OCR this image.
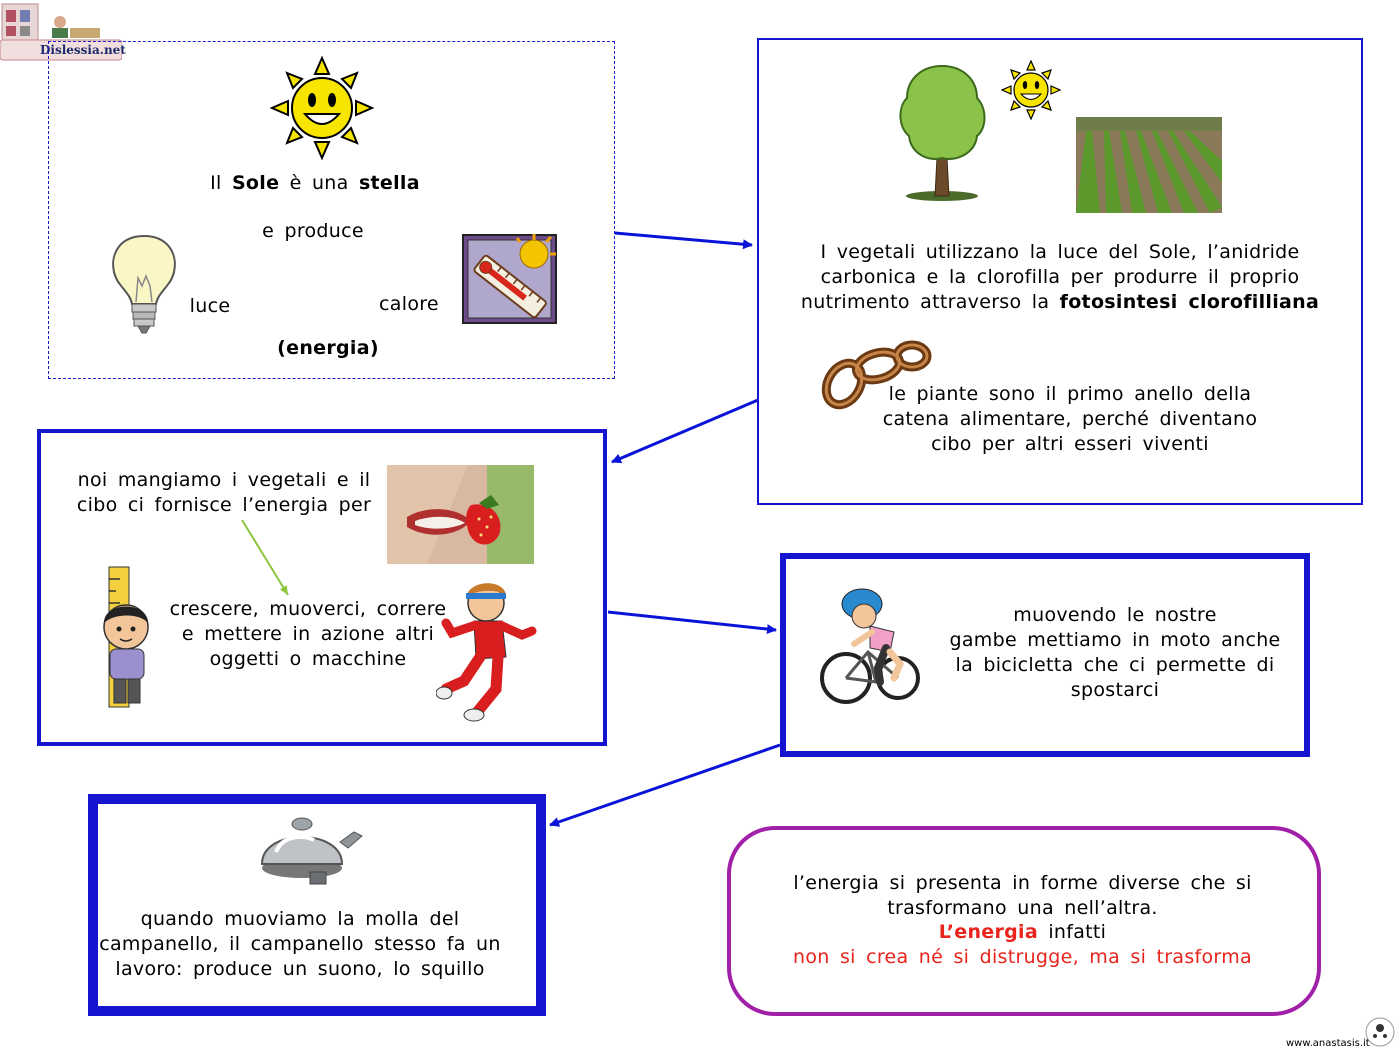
Dislessia.net
Il Sole è una stella
e produce
luce	calore
(energia)
I vegetali utilizzano la luce del Sole, l’anidride
carbonica e la clorofilla per produrre il proprio
nutrimento attraverso la fotosintesi clorofilliana
le piante sono il primo anello della
catena alimentare, perché diventano
cibo per altri esseri viventi
noi mangiamo i vegetali e il
cibo ci fornisce l’energia per
crescere, muoverci, correre
e mettere in azione altri
oggetti o macchine
muovendo le nostre
gambe mettiamo in moto anche
la bicicletta che ci permette di
spostarci
quando muoviamo la molla del
campanello, il campanello stesso fa un
lavoro: produce un suono, lo squillo
l’energia si presenta in forme diverse che si
trasformano una nell’altra.
L’energia infatti
non si crea né si distrugge, ma si trasforma
www.anastasis.it
